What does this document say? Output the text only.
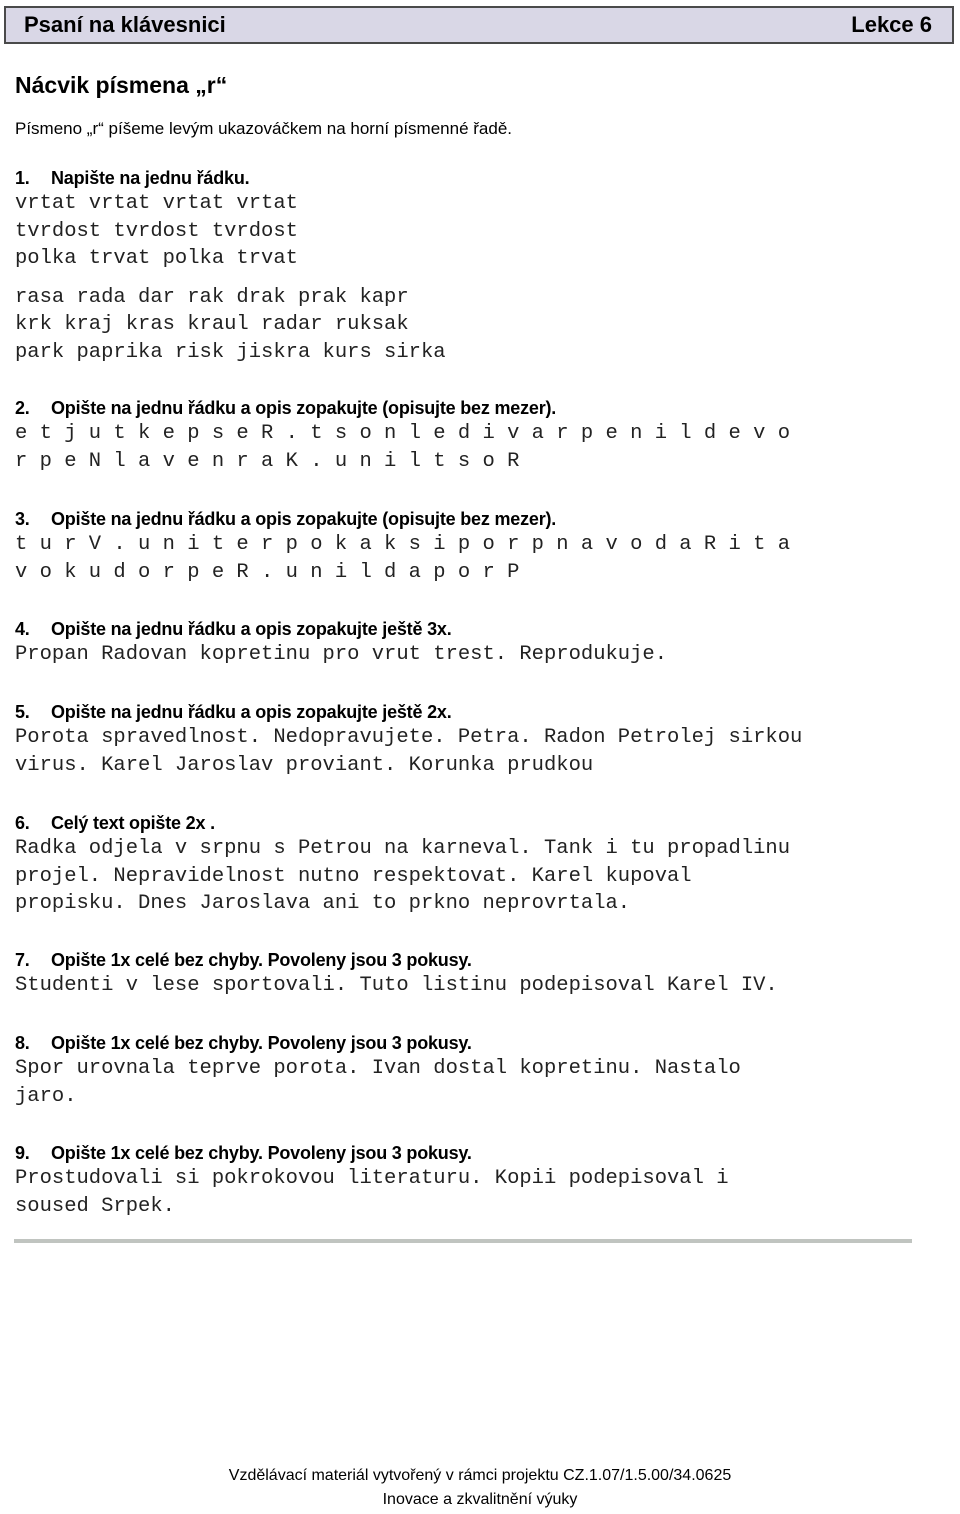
Psaní na klávesnici	Lekce 6
Nácvik písmena „r“
Písmeno „r“ píšeme levým ukazováčkem na horní písmenné řadě.
1. Napište na jednu řádku.
vrtat vrtat vrtat vrtat
tvrdost tvrdost tvrdost
polka trvat polka trvat
rasa rada dar rak drak prak kapr
krk kraj kras kraul radar ruksak
park paprika risk jiskra kurs sirka
2. Opište na jednu řádku a opis zopakujte (opisujte bez mezer).
e t j u t k e p s e R . t s o n l e d i v a r p e n i l d e v o
r p e N l a v e n r a K . u n i l t s o R
3. Opište na jednu řádku a opis zopakujte (opisujte bez mezer).
t u r V . u n i t e r p o k a k s i p o r p n a v o d a R i t a
v o k u d o r p e R . u n i l d a p o r P
4. Opište na jednu řádku a opis zopakujte ještě 3x.
Propan Radovan kopretinu pro vrut trest. Reprodukuje.
5. Opište na jednu řádku a opis zopakujte ještě 2x.
Porota spravedlnost. Nedopravujete. Petra. Radon Petrolej sirkou
virus. Karel Jaroslav proviant. Korunka prudkou
6. Celý text opište 2x .
Radka odjela v srpnu s Petrou na karneval. Tank i tu propadlinu
projel. Nepravidelnost nutno respektovat. Karel kupoval
propisku. Dnes Jaroslava ani to prkno neprovrtala.
7. Opište 1x celé bez chyby. Povoleny jsou 3 pokusy.
Studenti v lese sportovali. Tuto listinu podepisoval Karel IV.
8. Opište 1x celé bez chyby. Povoleny jsou 3 pokusy.
Spor urovnala teprve porota. Ivan dostal kopretinu. Nastalo
jaro.
9. Opište 1x celé bez chyby. Povoleny jsou 3 pokusy.
Prostudovali si pokrokovou literaturu. Kopii podepisoval i
soused Srpek.
Vzdělávací materiál vytvořený v rámci projektu CZ.1.07/1.5.00/34.0625
Inovace a zkvalitnění výuky
